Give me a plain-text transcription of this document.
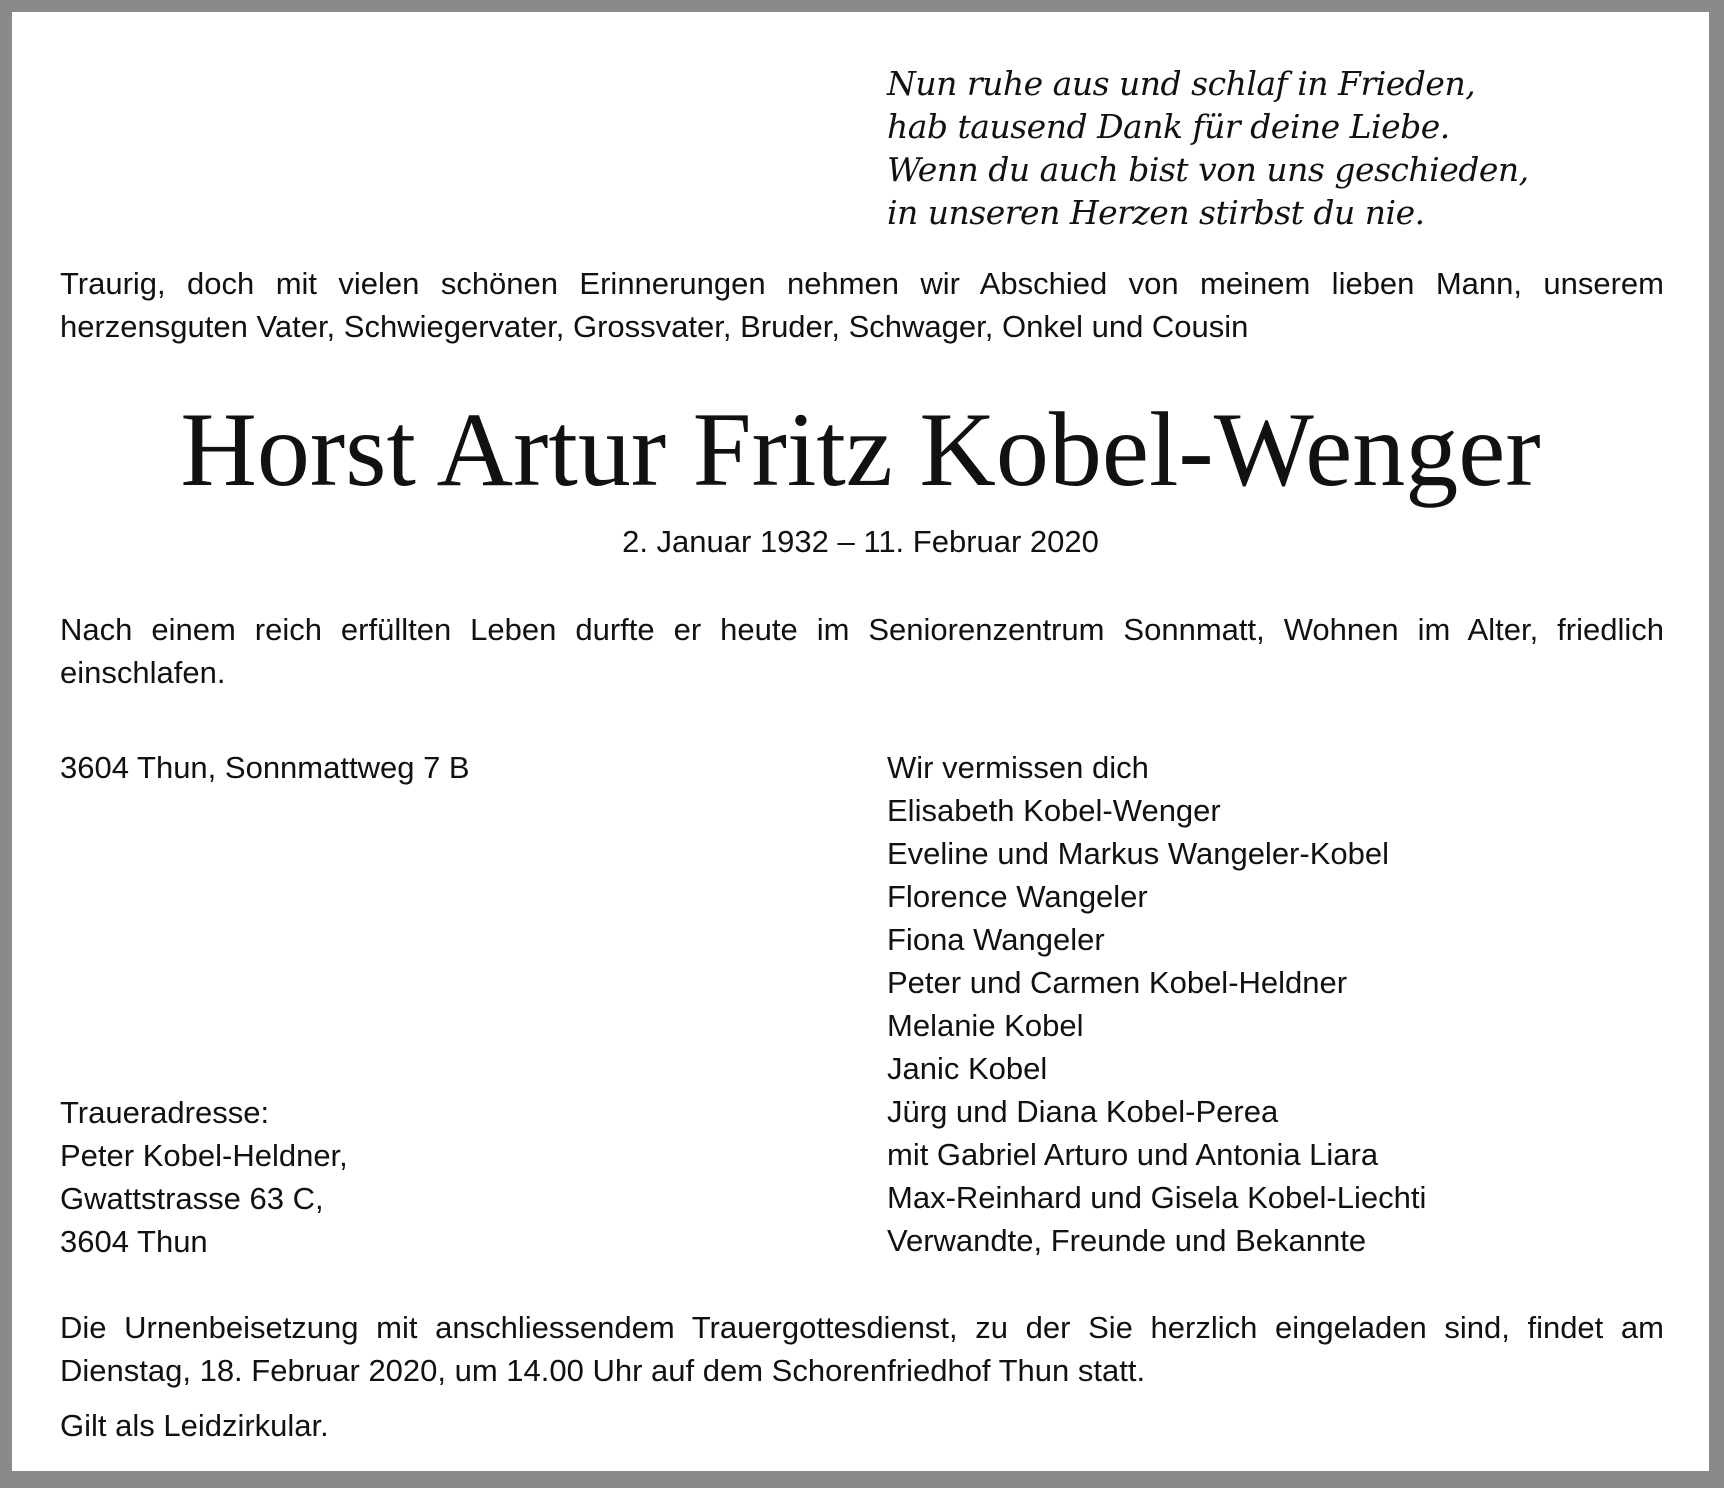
Nun ruhe aus und schlaf in Frieden,
hab tausend Dank für deine Liebe.
Wenn du auch bist von uns geschieden,
in unseren Herzen stirbst du nie.
Traurig, doch mit vielen schönen Erinnerungen nehmen wir Abschied von meinem lieben Mann, unserem
herzensguten Vater, Schwiegervater, Grossvater, Bruder, Schwager, Onkel und Cousin
Horst Artur Fritz Kobel-Wenger
2. Januar 1932 – 11. Februar 2020
Nach einem reich erfüllten Leben durfte er heute im Seniorenzentrum Sonnmatt, Wohnen im Alter, friedlich
einschlafen.
3604 Thun, Sonnmattweg 7 B
Traueradresse:
Peter Kobel-Heldner,
Gwattstrasse 63 C,
3604 Thun
Wir vermissen dich
Elisabeth Kobel-Wenger
Eveline und Markus Wangeler-Kobel
Florence Wangeler
Fiona Wangeler
Peter und Carmen Kobel-Heldner
Melanie Kobel
Janic Kobel
Jürg und Diana Kobel-Perea
mit Gabriel Arturo und Antonia Liara
Max-Reinhard und Gisela Kobel-Liechti
Verwandte, Freunde und Bekannte
Die Urnenbeisetzung mit anschliessendem Trauergottesdienst, zu der Sie herzlich eingeladen sind, findet am
Dienstag, 18. Februar 2020, um 14.00 Uhr auf dem Schorenfriedhof Thun statt.
Gilt als Leidzirkular.
